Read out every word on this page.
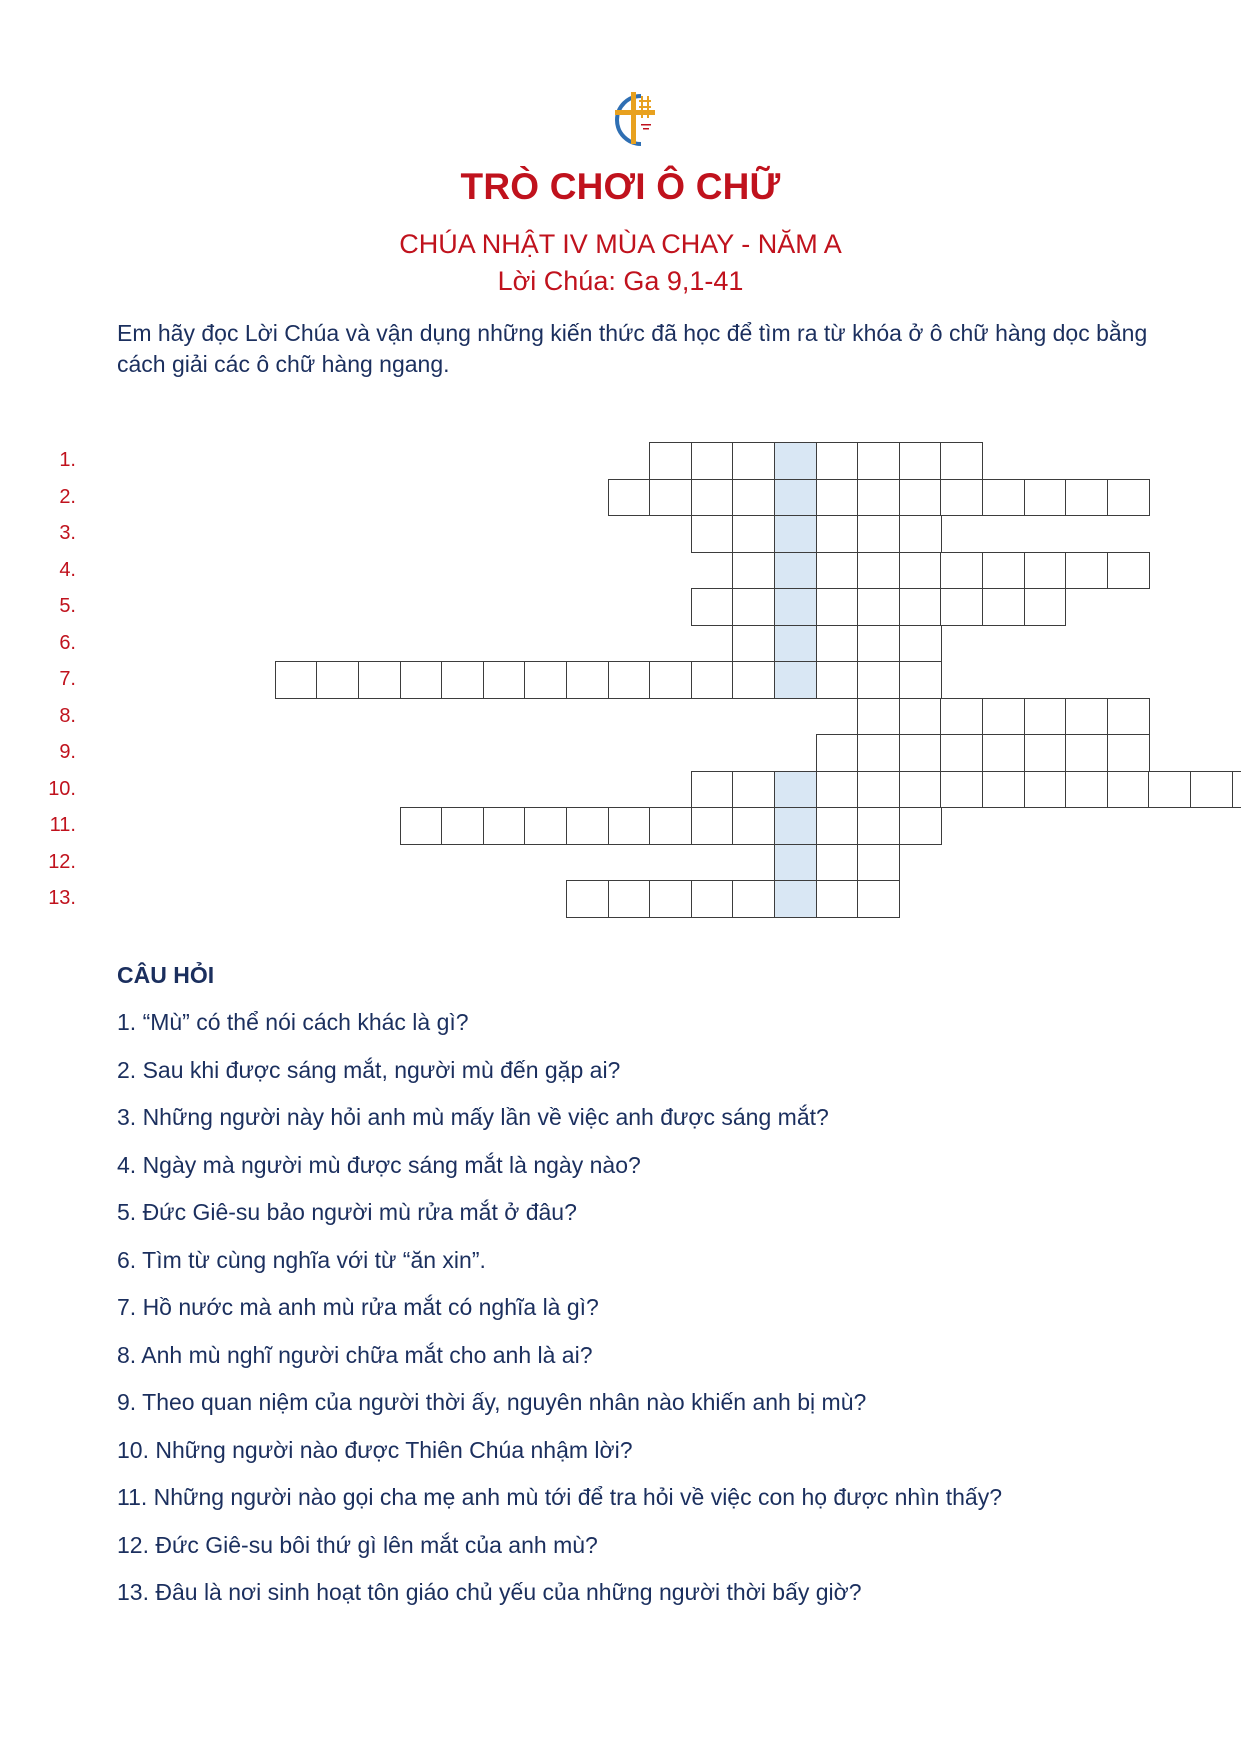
TRÒ CHƠI Ô CHỮ
CHÚA NHẬT IV MÙA CHAY - NĂM A
Lời Chúa: Ga 9,1-41
Em hãy đọc Lời Chúa và vận dụng những kiến thức đã học để tìm ra từ khóa ở ô chữ hàng dọc bằng cách giải các ô chữ hàng ngang.
1.
2.
3.
4.
5.
6.
7.
8.
9.
10.
11.
12.
13.
CÂU HỎI
1. “Mù” có thể nói cách khác là gì?
2. Sau khi được sáng mắt, người mù đến gặp ai?
3. Những người này hỏi anh mù mấy lần về việc anh được sáng mắt?
4. Ngày mà người mù được sáng mắt là ngày nào?
5. Đức Giê-su bảo người mù rửa mắt ở đâu?
6. Tìm từ cùng nghĩa với từ “ăn xin”.
7. Hồ nước mà anh mù rửa mắt có nghĩa là gì?
8. Anh mù nghĩ người chữa mắt cho anh là ai?
9. Theo quan niệm của người thời ấy, nguyên nhân nào khiến anh bị mù?
10. Những người nào được Thiên Chúa nhậm lời?
11. Những người nào gọi cha mẹ anh mù tới để tra hỏi về việc con họ được nhìn thấy?
12. Đức Giê-su bôi thứ gì lên mắt của anh mù?
13. Đâu là nơi sinh hoạt tôn giáo chủ yếu của những người thời bấy giờ?
